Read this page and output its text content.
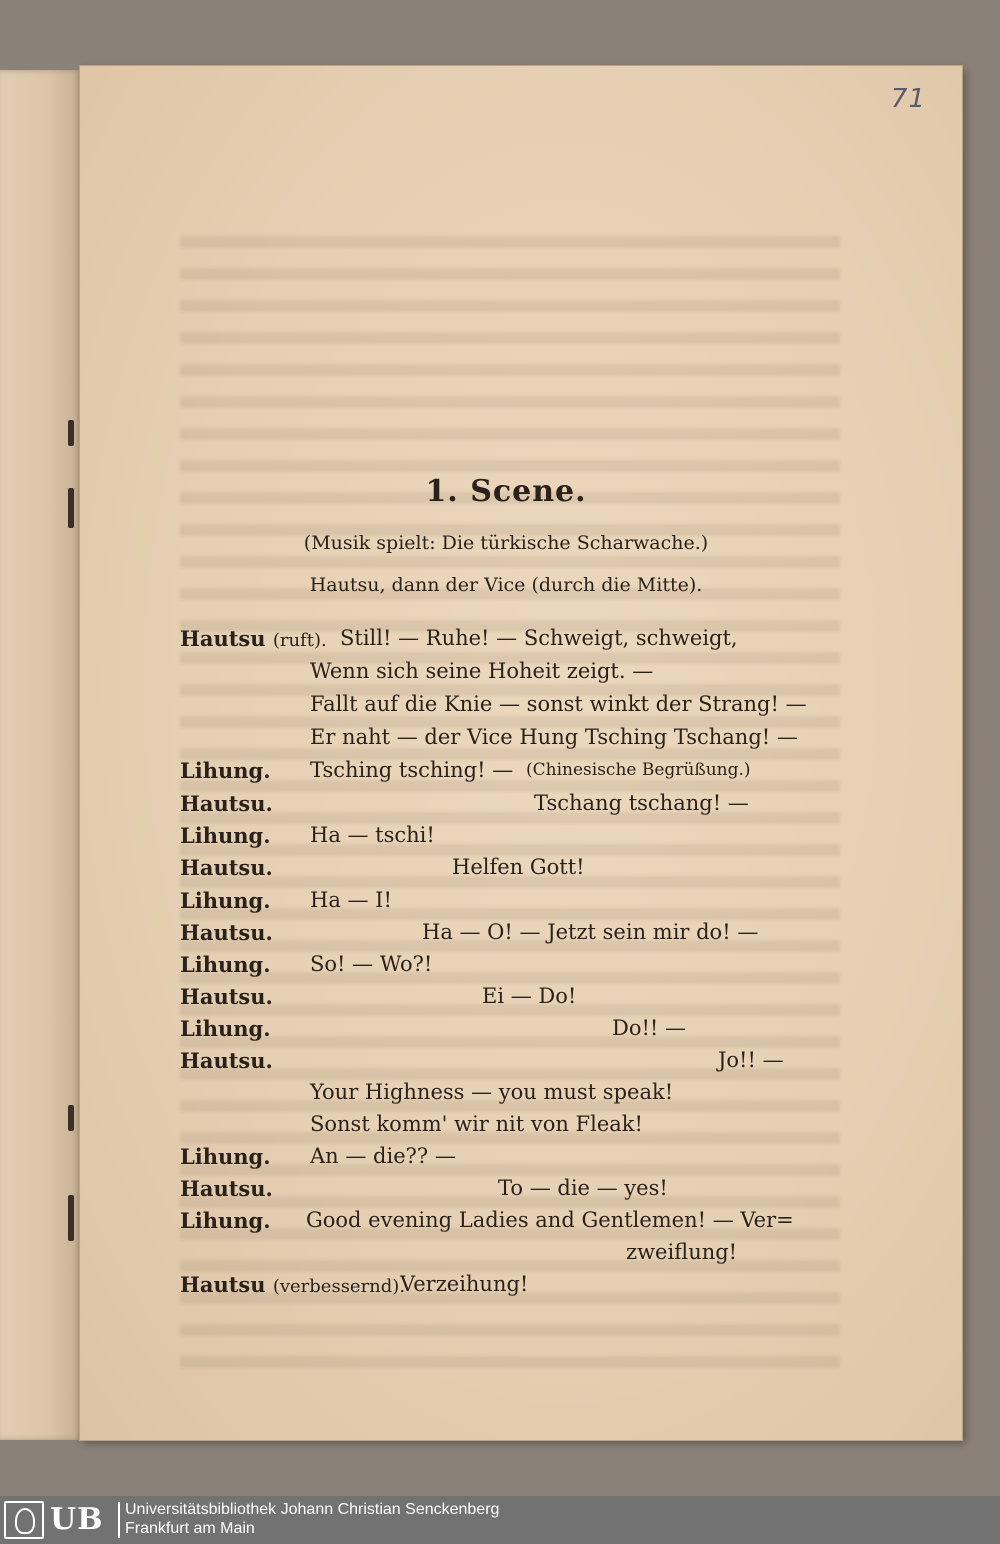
71
1. Scene.
(Musik spielt: Die türkische Scharwache.)
Hautsu, dann der Vice (durch die Mitte).
Hautsu (ruft). Still! — Ruhe! — Schweigt, schweigt,
Wenn sich seine Hoheit zeigt. —
Fallt auf die Knie — sonst winkt der Strang! —
Er naht — der Vice Hung Tsching Tschang! —
Lihung. Tsching tsching! — (Chinesische Begrüßung.)
Hautsu.	Tschang tschang! —
Lihung. Ha — tschi!
Hautsu.	Helfen Gott!
Lihung. Ha — I!
Hautsu.	Ha — O! — Jetzt sein mir do! —
Lihung. So! — Wo?!
Hautsu.	Ei — Do!
Lihung.	Do!! —
Hautsu.	Jo!! —
Your Highness — you must speak!
Sonst komm' wir nit von Fleak!
Lihung. An — die?? —
Hautsu.	To — die — yes!
Lihung. Good evening Ladies and Gentlemen! — Ver=
zweiflung!
Hautsu (verbessernd).
Verzeihung!
UB Universitätsbibliothek Johann Christian Senckenberg
Frankfurt am Main
